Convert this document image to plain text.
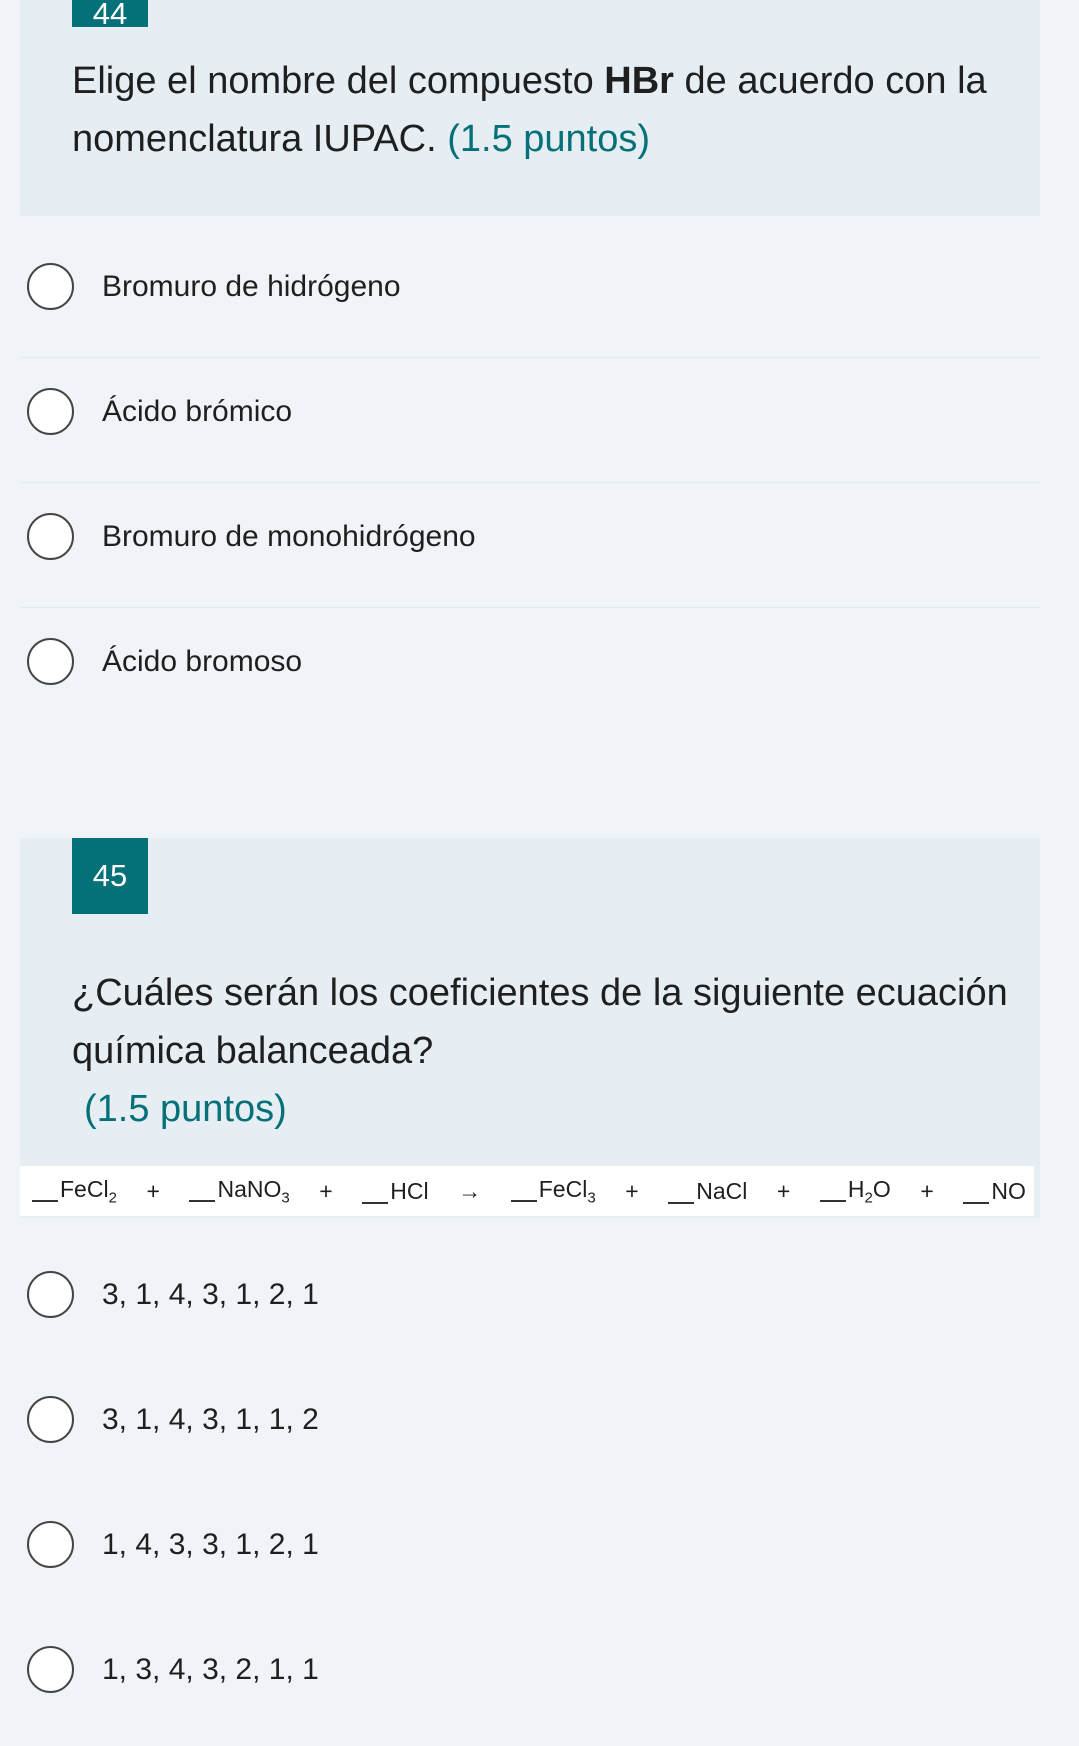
44

Elige el nombre del compuesto HBr de acuerdo con la nomenclatura IUPAC. (1.5 puntos)

Bromuro de hidrógeno
Ácido brómico
Bromuro de monohidrógeno
Ácido bromoso
45

¿Cuáles serán los coeficientes de la siguiente ecuación química balanceada?
(1.5 puntos)

FeCl$_2$ +	NaNO$_3$ +	HCl →	FeCl$_3$ +	NaCl +	$H_2O$ +	NO
3, 1, 4, 3, 1, 2, 1
3, 1, 4, 3, 1, 1, 2
1, 4, 3, 3, 1, 2, 1
1, 3, 4, 3, 2, 1, 1
